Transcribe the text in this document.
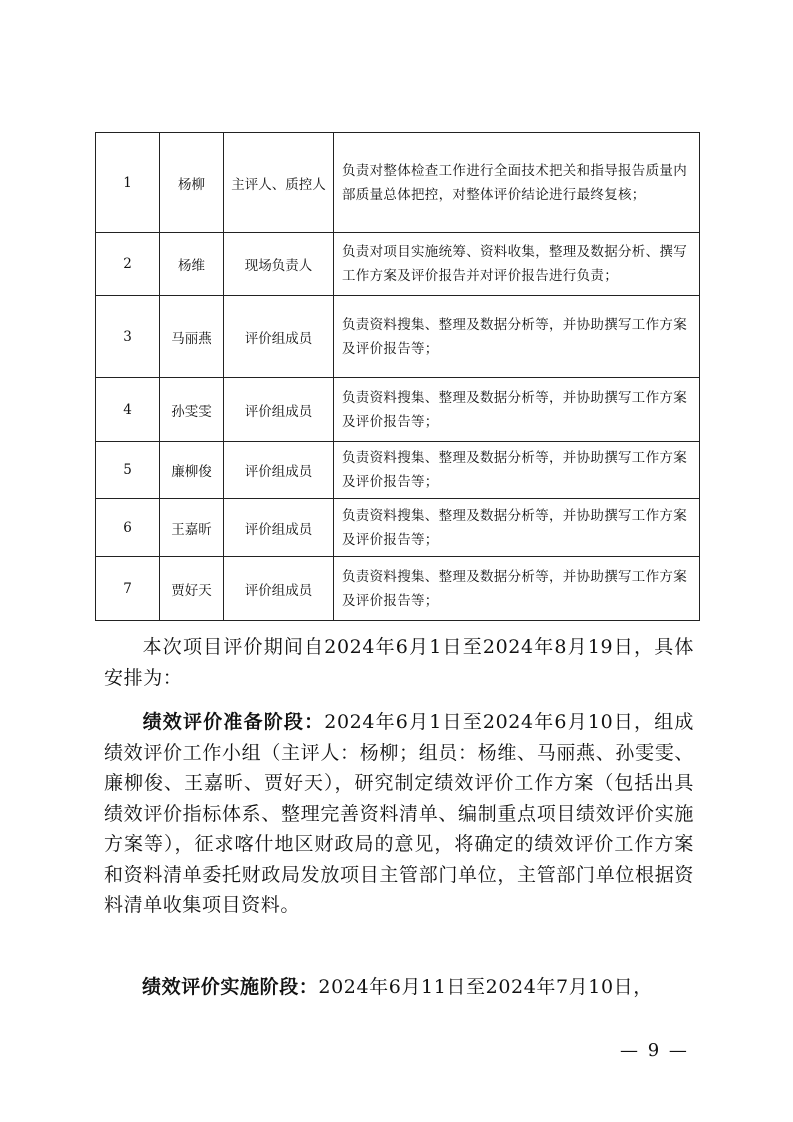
1	杨柳	主评人、质控人	负责对整体检查工作进行全面技术把关和指导报告质量内部质量总体把控，对整体评价结论进行最终复核；
2	杨维	现场负责人	负责对项目实施统筹、资料收集，整理及数据分析、撰写工作方案及评价报告并对评价报告进行负责；
3	马丽燕	评价组成员	负责资料搜集、整理及数据分析等，并协助撰写工作方案及评价报告等；
4	孙雯雯	评价组成员	负责资料搜集、整理及数据分析等，并协助撰写工作方案及评价报告等；
5	廉柳俊	评价组成员	负责资料搜集、整理及数据分析等，并协助撰写工作方案及评价报告等；
6	王嘉昕	评价组成员	负责资料搜集、整理及数据分析等，并协助撰写工作方案及评价报告等；
7	贾好天	评价组成员	负责资料搜集、整理及数据分析等，并协助撰写工作方案及评价报告等；

本次项目评价期间自2024年6月1日至2024年8月19日，具体安排为：

绩效评价准备阶段：2024年6月1日至2024年6月10日，组成绩效评价工作小组（主评人：杨柳；组员：杨维、马丽燕、孙雯雯、廉柳俊、王嘉昕、贾好天），研究制定绩效评价工作方案（包括出具绩效评价指标体系、整理完善资料清单、编制重点项目绩效评价实施方案等），征求喀什地区财政局的意见，将确定的绩效评价工作方案和资料清单委托财政局发放项目主管部门单位，主管部门单位根据资料清单收集项目资料。

绩效评价实施阶段：2024年6月11日至2024年7月10日，

— 9 —
